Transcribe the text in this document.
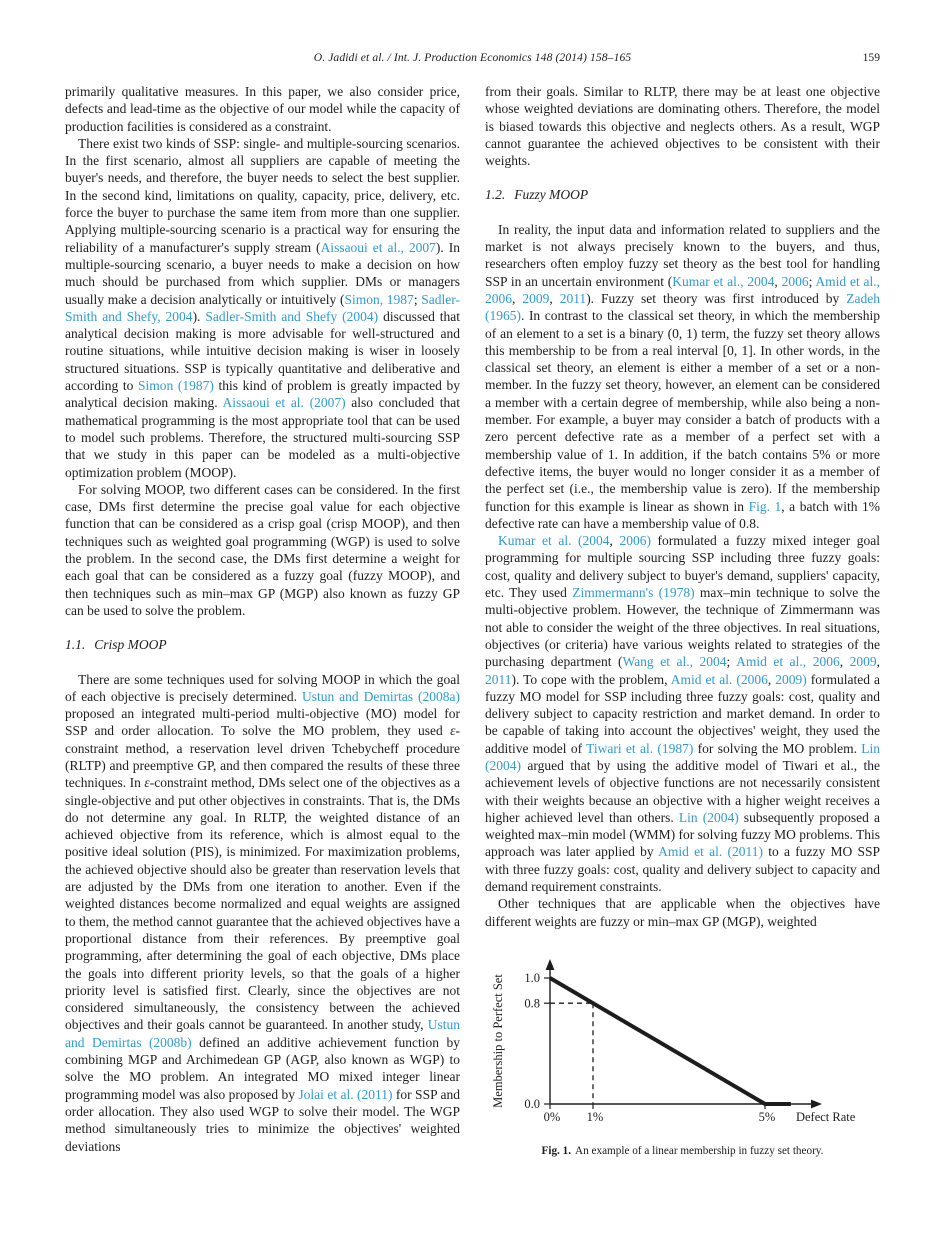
O. Jadidi et al. / Int. J. Production Economics 148 (2014) 158–165	159

primarily qualitative measures. In this paper, we also consider price, defects and lead-time as the objective of our model while the capacity of production facilities is considered as a constraint.

There exist two kinds of SSP: single- and multiple-sourcing scenarios. In the first scenario, almost all suppliers are capable of meeting the buyer's needs, and therefore, the buyer needs to select the best supplier. In the second kind, limitations on quality, capacity, price, delivery, etc. force the buyer to purchase the same item from more than one supplier. Applying multiple-sourcing scenario is a practical way for ensuring the reliability of a manufacturer's supply stream (Aissaoui et al., 2007). In multiple-sourcing scenario, a buyer needs to make a decision on how much should be purchased from which supplier. DMs or managers usually make a decision analytically or intuitively (Simon, 1987; Sadler-Smith and Shefy, 2004). Sadler-Smith and Shefy (2004) discussed that analytical decision making is more advisable for well-structured and routine situations, while intuitive decision making is wiser in loosely structured situations. SSP is typically quantitative and deliberative and according to Simon (1987) this kind of problem is greatly impacted by analytical decision making. Aissaoui et al. (2007) also concluded that mathematical programming is the most appropriate tool that can be used to model such problems. Therefore, the structured multi-sourcing SSP that we study in this paper can be modeled as a multi-objective optimization problem (MOOP).

For solving MOOP, two different cases can be considered. In the first case, DMs first determine the precise goal value for each objective function that can be considered as a crisp goal (crisp MOOP), and then techniques such as weighted goal programming (WGP) is used to solve the problem. In the second case, the DMs first determine a weight for each goal that can be considered as a fuzzy goal (fuzzy MOOP), and then techniques such as min–max GP (MGP) also known as fuzzy GP can be used to solve the problem.

1.1. Crisp MOOP

There are some techniques used for solving MOOP in which the goal of each objective is precisely determined. Ustun and Demirtas (2008a) proposed an integrated multi-period multi-objective (MO) model for SSP and order allocation. To solve the MO problem, they used ε-constraint method, a reservation level driven Tchebycheff procedure (RLTP) and preemptive GP, and then compared the results of these three techniques. In ε-constraint method, DMs select one of the objectives as a single-objective and put other objectives in constraints. That is, the DMs do not determine any goal. In RLTP, the weighted distance of an achieved objective from its reference, which is almost equal to the positive ideal solution (PIS), is minimized. For maximization problems, the achieved objective should also be greater than reservation levels that are adjusted by the DMs from one iteration to another. Even if the weighted distances become normalized and equal weights are assigned to them, the method cannot guarantee that the achieved objectives have a proportional distance from their references. By preemptive goal programming, after determining the goal of each objective, DMs place the goals into different priority levels, so that the goals of a higher priority level is satisfied first. Clearly, since the objectives are not considered simultaneously, the consistency between the achieved objectives and their goals cannot be guaranteed. In another study, Ustun and Demirtas (2008b) defined an additive achievement function by combining MGP and Archimedean GP (AGP, also known as WGP) to solve the MO problem. An integrated MO mixed integer linear programming model was also proposed by Jolai et al. (2011) for SSP and order allocation. They also used WGP to solve their model. The WGP method simultaneously tries to minimize the objectives' weighted deviations

from their goals. Similar to RLTP, there may be at least one objective whose weighted deviations are dominating others. Therefore, the model is biased towards this objective and neglects others. As a result, WGP cannot guarantee the achieved objectives to be consistent with their weights.

1.2. Fuzzy MOOP

In reality, the input data and information related to suppliers and the market is not always precisely known to the buyers, and thus, researchers often employ fuzzy set theory as the best tool for handling SSP in an uncertain environment (Kumar et al., 2004, 2006; Amid et al., 2006, 2009, 2011). Fuzzy set theory was first introduced by Zadeh (1965). In contrast to the classical set theory, in which the membership of an element to a set is a binary (0, 1) term, the fuzzy set theory allows this membership to be from a real interval [0, 1]. In other words, in the classical set theory, an element is either a member of a set or a non-member. In the fuzzy set theory, however, an element can be considered a member with a certain degree of membership, while also being a non-member. For example, a buyer may consider a batch of products with a zero percent defective rate as a member of a perfect set with a membership value of 1. In addition, if the batch contains 5% or more defective items, the buyer would no longer consider it as a member of the perfect set (i.e., the membership value is zero). If the membership function for this example is linear as shown in Fig. 1, a batch with 1% defective rate can have a membership value of 0.8.

Kumar et al. (2004, 2006) formulated a fuzzy mixed integer goal programming for multiple sourcing SSP including three fuzzy goals: cost, quality and delivery subject to buyer's demand, suppliers' capacity, etc. They used Zimmermann's (1978) max–min technique to solve the multi-objective problem. However, the technique of Zimmermann was not able to consider the weight of the three objectives. In real situations, objectives (or criteria) have various weights related to strategies of the purchasing department (Wang et al., 2004; Amid et al., 2006, 2009, 2011). To cope with the problem, Amid et al. (2006, 2009) formulated a fuzzy MO model for SSP including three fuzzy goals: cost, quality and delivery subject to capacity restriction and market demand. In order to be capable of taking into account the objectives' weight, they used the additive model of Tiwari et al. (1987) for solving the MO problem. Lin (2004) argued that by using the additive model of Tiwari et al., the achievement levels of objective functions are not necessarily consistent with their weights because an objective with a higher weight receives a higher achieved level than others. Lin (2004) subsequently proposed a weighted max–min model (WMM) for solving fuzzy MO problems. This approach was later applied by Amid et al. (2011) to a fuzzy MO SSP with three fuzzy goals: cost, quality and delivery subject to capacity and demand requirement constraints.

Other techniques that are applicable when the objectives have different weights are fuzzy or min–max GP (MGP), weighted

1.0
0.8
0.0
0% 1%	5% Defect Rate
Membership to Perfect Set
Fig. 1. An example of a linear membership in fuzzy set theory.
